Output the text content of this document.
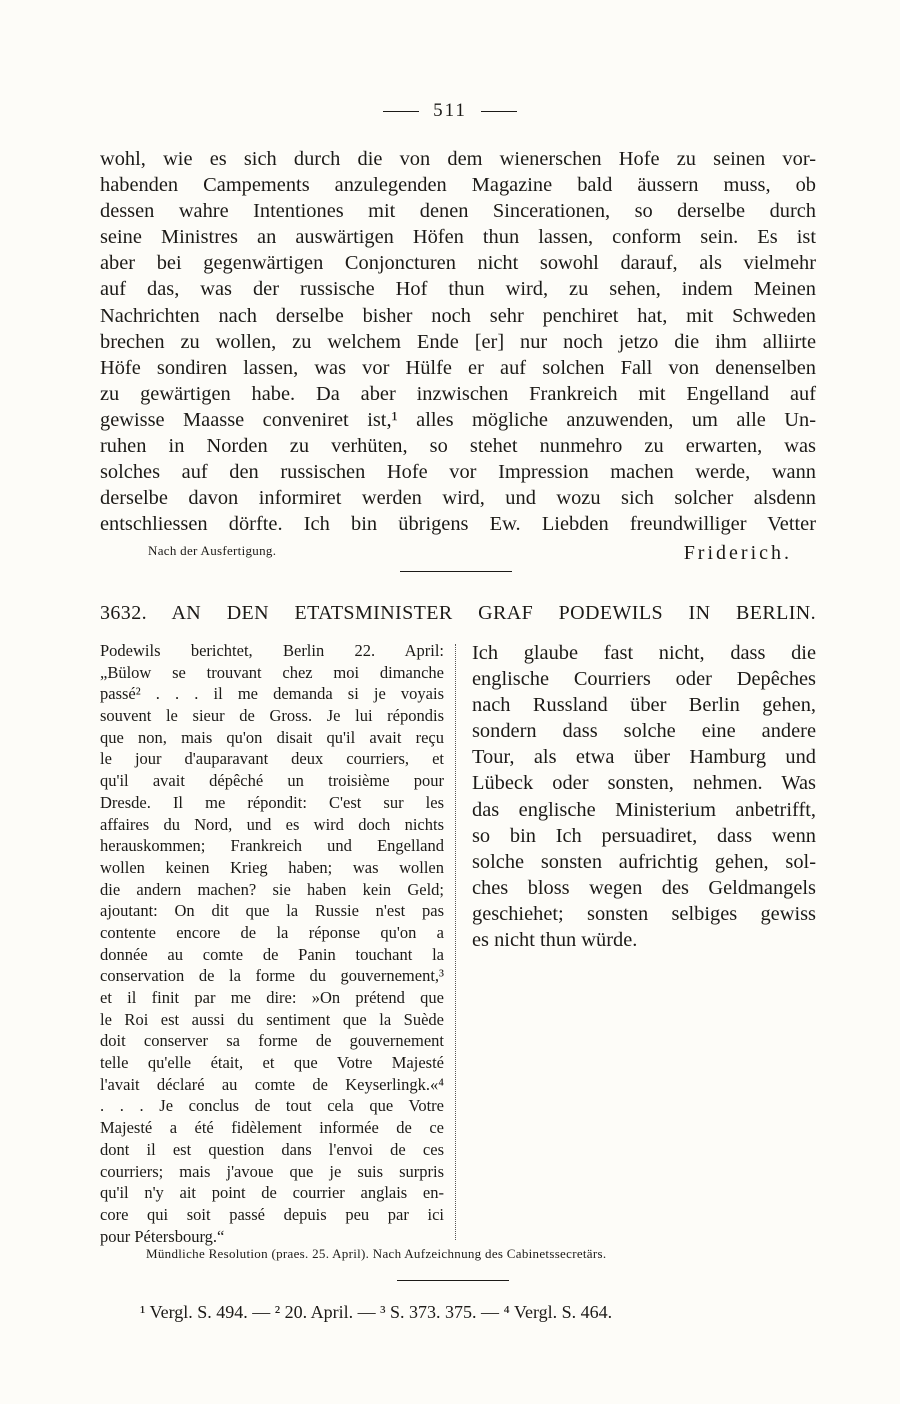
511
wohl, wie es sich durch die von dem wienerschen Hofe zu seinen vor-
habenden Campements anzulegenden Magazine bald äussern muss, ob
dessen wahre Intentiones mit denen Sincerationen, so derselbe durch
seine Ministres an auswärtigen Höfen thun lassen, conform sein. Es ist
aber bei gegenwärtigen Conjoncturen nicht sowohl darauf, als vielmehr
auf das, was der russische Hof thun wird, zu sehen, indem Meinen
Nachrichten nach derselbe bisher noch sehr penchiret hat, mit Schweden
brechen zu wollen, zu welchem Ende [er] nur noch jetzo die ihm alliirte
Höfe sondiren lassen, was vor Hülfe er auf solchen Fall von denenselben
zu gewärtigen habe. Da aber inzwischen Frankreich mit Engelland auf
gewisse Maasse conveniret ist,¹ alles mögliche anzuwenden, um alle Un-
ruhen in Norden zu verhüten, so stehet nunmehro zu erwarten, was
solches auf den russischen Hofe vor Impression machen werde, wann
derselbe davon informiret werden wird, und wozu sich solcher alsdenn
entschliessen dörfte. Ich bin übrigens Ew. Liebden freundwilliger Vetter
Nach der Ausfertigung.	Friderich.
3632. AN DEN ETATSMINISTER GRAF PODEWILS IN BERLIN.
Podewils berichtet, Berlin 22. April:
„Bülow se trouvant chez moi dimanche
passé² . . . il me demanda si je voyais
souvent le sieur de Gross. Je lui répondis
que non, mais qu'on disait qu'il avait reçu
le jour d'auparavant deux courriers, et
qu'il avait dépêché un troisième pour
Dresde. Il me répondit: C'est sur les
affaires du Nord, und es wird doch nichts
herauskommen; Frankreich und Engelland
wollen keinen Krieg haben; was wollen
die andern machen? sie haben kein Geld;
ajoutant: On dit que la Russie n'est pas
contente encore de la réponse qu'on a
donnée au comte de Panin touchant la
conservation de la forme du gouvernement,³
et il finit par me dire: »On prétend que
le Roi est aussi du sentiment que la Suède
doit conserver sa forme de gouvernement
telle qu'elle était, et que Votre Majesté
l'avait déclaré au comte de Keyserlingk.«⁴
. . . Je conclus de tout cela que Votre
Majesté a été fidèlement informée de ce
dont il est question dans l'envoi de ces
courriers; mais j'avoue que je suis surpris
qu'il n'y ait point de courrier anglais en-
core qui soit passé depuis peu par ici
pour Pétersbourg.“
Ich glaube fast nicht, dass die
englische Courriers oder Depêches
nach Russland über Berlin gehen,
sondern dass solche eine andere
Tour, als etwa über Hamburg und
Lübeck oder sonsten, nehmen. Was
das englische Ministerium anbetrifft,
so bin Ich persuadiret, dass wenn
solche sonsten aufrichtig gehen, sol-
ches bloss wegen des Geldmangels
geschiehet; sonsten selbiges gewiss
es nicht thun würde.
Mündliche Resolution (praes. 25. April). Nach Aufzeichnung des Cabinetssecretärs.
¹ Vergl. S. 494. — ² 20. April. — ³ S. 373. 375. — ⁴ Vergl. S. 464.
